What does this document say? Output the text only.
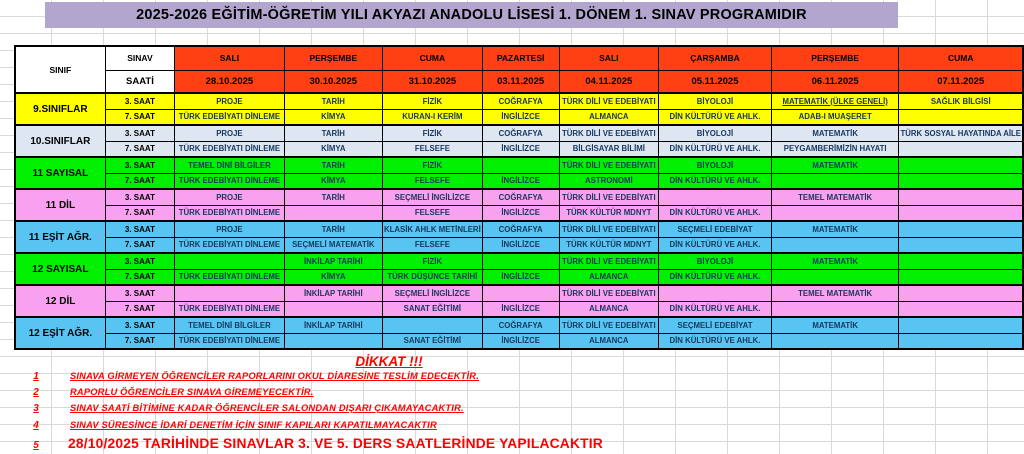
2025-2026 EĞİTİM-ÖĞRETİM YILI AKYAZI ANADOLU LİSESİ 1. DÖNEM 1. SINAV PROGRAMIDIR
SINIF	SINAV	SALI	PERŞEMBE	CUMA	PAZARTESİ	SALI	ÇARŞAMBA	PERŞEMBE	CUMA
	SAATİ	28.10.2025	30.10.2025	31.10.2025	03.11.2025	04.11.2025	05.11.2025	06.11.2025	07.11.2025
9.SINIFLAR	3. SAAT	PROJE	TARİH	FİZİK	COĞRAFYA	TÜRK DİLİ VE EDEBİYATI	BİYOLOJİ	MATEMATİK (ÜLKE GENELİ)	SAĞLIK BİLGİSİ
	7. SAAT	TÜRK EDEBİYATI DİNLEME	KİMYA	KURAN-I KERİM	İNGİLİZCE	ALMANCA	DİN KÜLTÜRÜ VE AHLK.	ADAB-I MUAŞERET	
10.SINIFLAR	3. SAAT	PROJE	TARİH	FİZİK	COĞRAFYA	TÜRK DİLİ VE EDEBİYATI	BİYOLOJİ	MATEMATİK	TÜRK SOSYAL HAYATINDA AİLE
	7. SAAT	TÜRK EDEBİYATI DİNLEME	KİMYA	FELSEFE	İNGİLİZCE	BİLGİSAYAR BİLİMİ	DİN KÜLTÜRÜ VE AHLK.	PEYGAMBERİMİZİN HAYATI	
11 SAYISAL	3. SAAT	TEMEL DİNİ BİLGİLER	TARİH	FİZİK		TÜRK DİLİ VE EDEBİYATI	BİYOLOJİ	MATEMATİK	
	7. SAAT	TÜRK EDEBİYATI DİNLEME	KİMYA	FELSEFE	İNGİLİZCE	ASTRONOMİ	DİN KÜLTÜRÜ VE AHLK.		
11 DİL	3. SAAT	PROJE	TARİH	SEÇMELİ İNGİLİZCE	COĞRAFYA	TÜRK DİLİ VE EDEBİYATI		TEMEL MATEMATİK	
	7. SAAT	TÜRK EDEBİYATI DİNLEME		FELSEFE	İNGİLİZCE	TÜRK KÜLTÜR MDNYT	DİN KÜLTÜRÜ VE AHLK.		
11 EŞİT AĞR.	3. SAAT	PROJE	TARİH	KLASİK AHLK METİNLERİ	COĞRAFYA	TÜRK DİLİ VE EDEBİYATI	SEÇMELİ EDEBİYAT	MATEMATİK	
	7. SAAT	TÜRK EDEBİYATI DİNLEME	SEÇMELİ MATEMATİK	FELSEFE	İNGİLİZCE	TÜRK KÜLTÜR MDNYT	DİN KÜLTÜRÜ VE AHLK.		
12 SAYISAL	3. SAAT		İNKİLAP TARİHİ	FİZİK		TÜRK DİLİ VE EDEBİYATI	BİYOLOJİ	MATEMATİK	
	7. SAAT	TÜRK EDEBİYATI DİNLEME	KİMYA	TÜRK DÜŞÜNCE TARİHİ	İNGİLİZCE	ALMANCA	DİN KÜLTÜRÜ VE AHLK.		
12 DİL	3. SAAT		İNKİLAP TARİHİ	SEÇMELİ İNGİLİZCE		TÜRK DİLİ VE EDEBİYATI		TEMEL MATEMATİK	
	7. SAAT	TÜRK EDEBİYATI DİNLEME		SANAT EĞİTİMİ	İNGİLİZCE	ALMANCA	DİN KÜLTÜRÜ VE AHLK.		
12 EŞİT AĞR.	3. SAAT	TEMEL DİNİ BİLGİLER	İNKİLAP TARİHİ		COĞRAFYA	TÜRK DİLİ VE EDEBİYATI	SEÇMELİ EDEBİYAT	MATEMATİK	
	7. SAAT	TÜRK EDEBİYATI DİNLEME		SANAT EĞİTİMİ	İNGİLİZCE	ALMANCA	DİN KÜLTÜRÜ VE AHLK.		
DİKKAT !!!
1	SINAVA GİRMEYEN ÖĞRENCİLER RAPORLARINI OKUL DİARESİNE TESLİM EDECEKTİR.
2	RAPORLU ÖĞRENCİLER SINAVA GİREMEYECEKTİR.
3	SINAV SAATİ BİTİMİNE KADAR ÖĞRENCİLER SALONDAN DIŞARI ÇIKAMAYACAKTIR.
4	SINAV SÜRESİNCE İDARİ DENETİM İÇİN SINIF KAPILARI KAPATILMAYACAKTIR
5	28/10/2025 TARİHİNDE SINAVLAR 3. VE 5. DERS SAATLERİNDE YAPILACAKTIR
